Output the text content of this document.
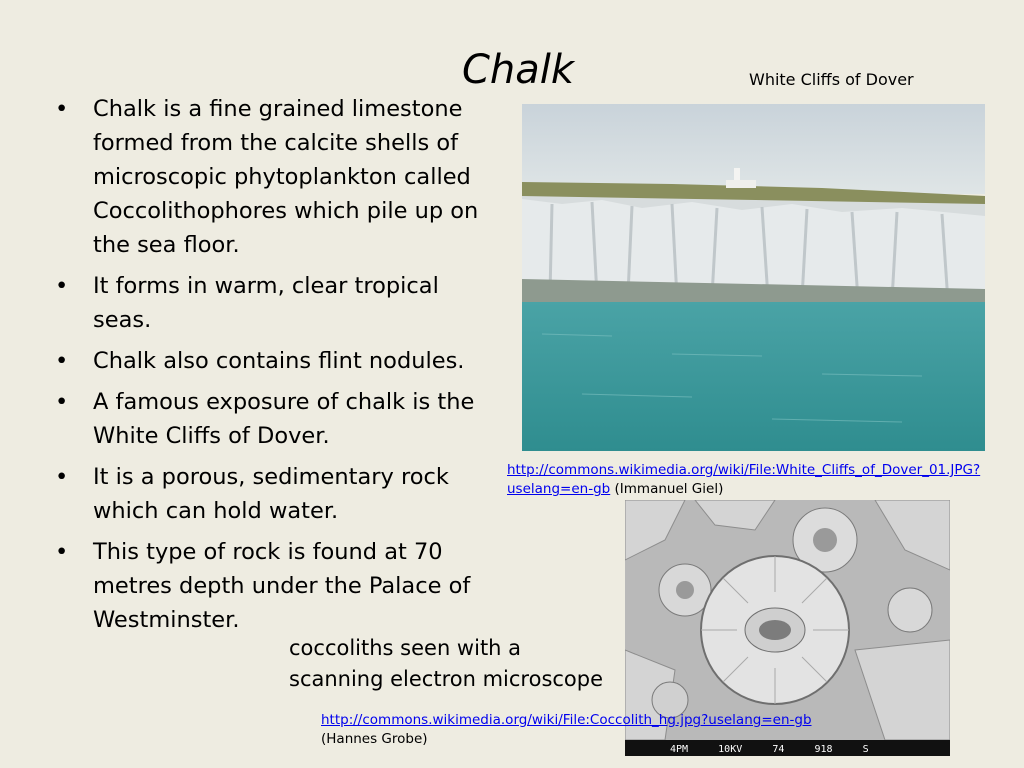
Chalk	White Cliffs of Dover
• Chalk is a fine grained limestone formed from the calcite shells of microscopic phytoplankton called Coccolithophores which pile up on the sea floor.
• It forms in warm, clear tropical seas.
• Chalk also contains flint nodules.
• A famous exposure of chalk is the White Cliffs of Dover.
• It is a porous, sedimentary rock which can hold water.
• This type of rock is found at 70 metres depth under the Palace of Westminster.
http://commons.wikimedia.org/wiki/File:White_Cliffs_of_Dover_01.JPG?uselang=en-gb (Immanuel Giel)
4PM     10KV     74     918     S
coccoliths seen with a scanning electron microscope
http://commons.wikimedia.org/wiki/File:Coccolith_hg.jpg?uselang=en-gb (Hannes Grobe)
